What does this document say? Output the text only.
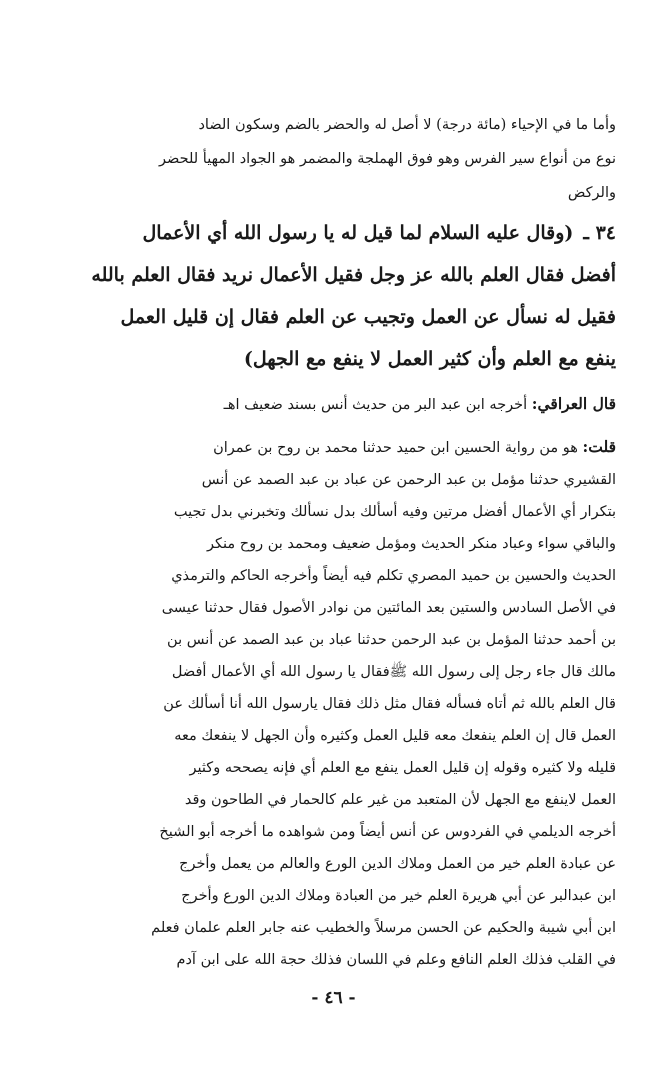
وأما ما في الإحياء (مائة درجة) لا أصل له والحضر بالضم وسكون الضاد
نوع من أنواع سير الفرس وهو فوق الهملجة والمضمر هو الجواد المهيأ للحضر
والركض
٣٤ ـ(وقال عليه السلام لما قيل له يا رسول الله أي الأعمال
أفضل فقال العلم بالله عز وجل فقيل الأعمال نريد فقال العلم بالله
فقيل له نسأل عن العمل وتجيب عن العلم فقال إن قليل العمل
ينفع مع العلم وأن كثير العمل لا ينفع مع الجهل)
قال العراقي: أخرجه ابن عبد البر من حديث أنس بسند ضعيف اهـ
قلت: هو من رواية الحسين ابن حميد حدثنا محمد بن روح بن عمران
القشيري حدثنا مؤمل بن عبد الرحمن عن عباد بن عبد الصمد عن أنس
بتكرار أي الأعمال أفضل مرتين وفيه أسألك بدل نسألك وتخبرني بدل تجيب
والباقي سواء وعباد منكر الحديث ومؤمل ضعيف ومحمد بن روح منكر
الحديث والحسين بن حميد المصري تكلم فيه أيضاً وأخرجه الحاكم والترمذي
في الأصل السادس والستين بعد المائتين من نوادر الأصول فقال حدثنا عيسى
بن أحمد حدثنا المؤمل بن عبد الرحمن حدثنا عباد بن عبد الصمد عن أنس بن
مالك قال جاء رجل إلى رسول الله ﷺفقال يا رسول الله أي الأعمال أفضل
قال العلم بالله ثم أتاه فسأله فقال مثل ذلك فقال يارسول الله أنا أسألك عن
العمل قال إن العلم ينفعك معه قليل العمل وكثيره وأن الجهل لا ينفعك معه
قليله ولا كثيره وقوله إن قليل العمل ينفع مع العلم أي فإنه يصححه وكثير
العمل لاينفع مع الجهل لأن المتعبد من غير علم كالحمار في الطاحون وقد
أخرجه الديلمي في الفردوس عن أنس أيضاً ومن شواهده ما أخرجه أبو الشيخ
عن عبادة العلم خير من العمل وملاك الدين الورع والعالم من يعمل وأخرج
ابن عبدالبر عن أبي هريرة العلم خير من العبادة وملاك الدين الورع وأخرج
ابن أبي شيبة والحكيم عن الحسن مرسلاً والخطيب عنه جابر العلم علمان فعلم
في القلب فذلك العلم النافع وعلم في اللسان فذلك حجة الله على ابن آدم
- ٤٦ -
